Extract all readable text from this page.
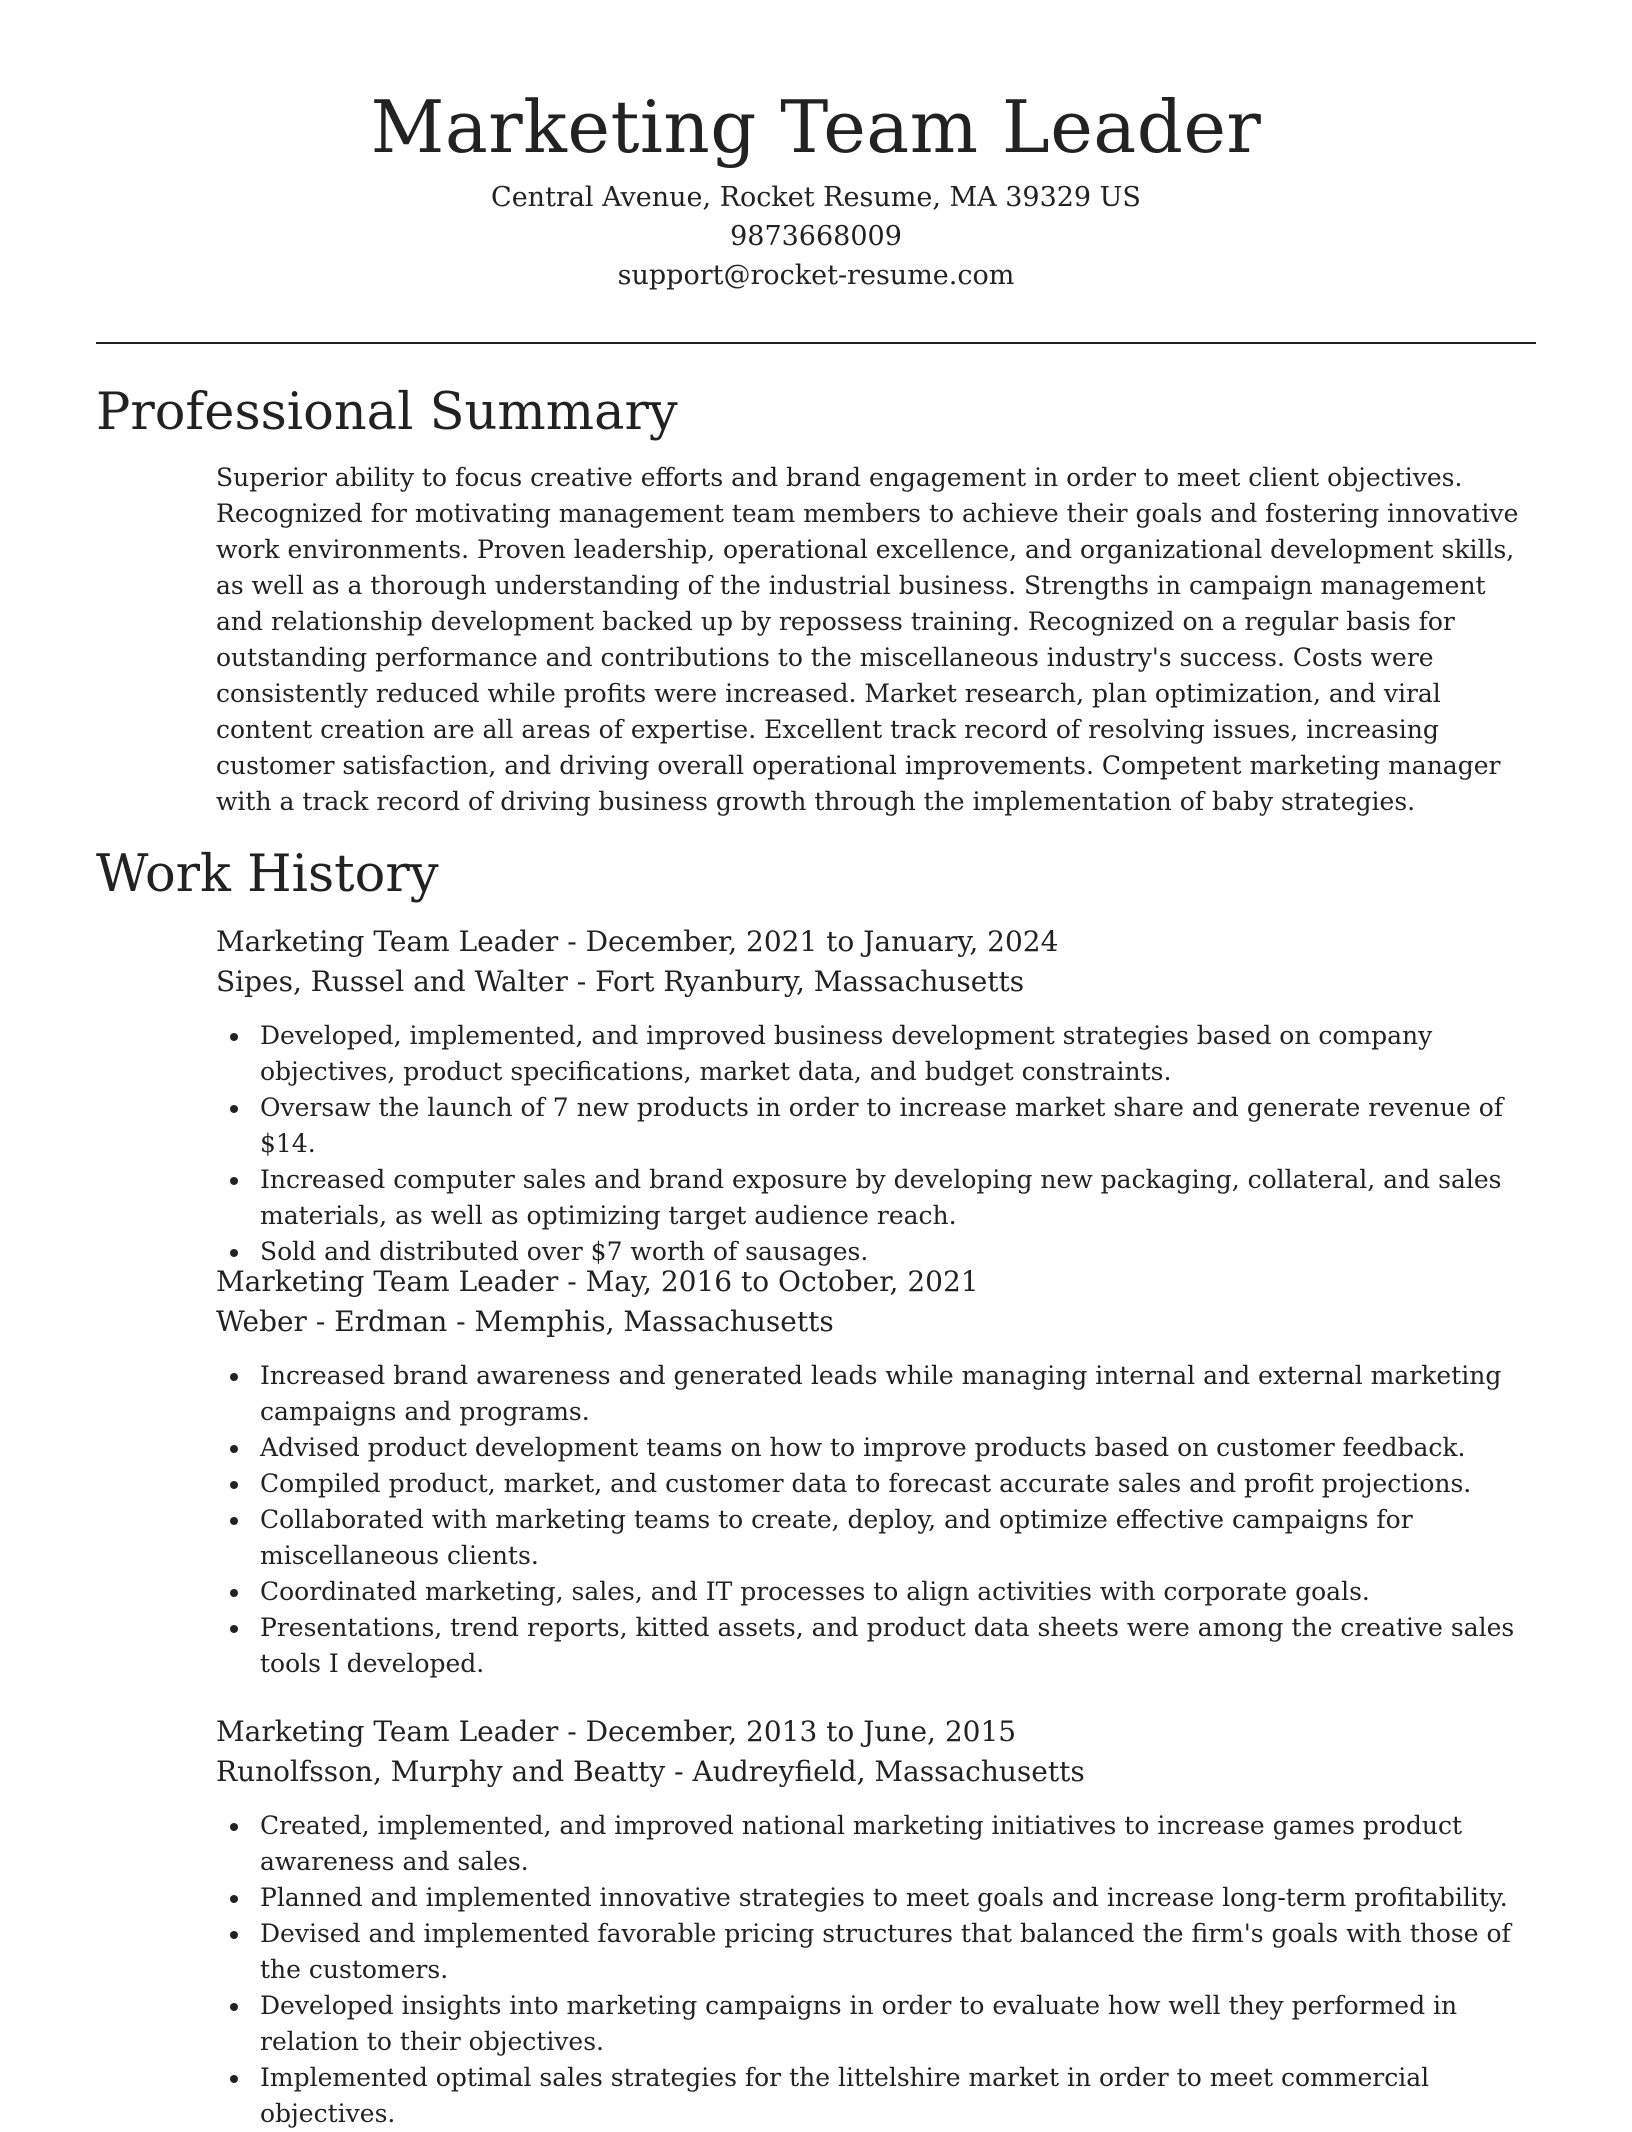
Marketing Team Leader

Central Avenue, Rocket Resume, MA 39329 US

9873668009

support@rocket-resume.com

Professional Summary

Superior ability to focus creative efforts and brand engagement in order to meet client objectives. Recognized for motivating management team members to achieve their goals and fostering innovative work environments. Proven leadership, operational excellence, and organizational development skills, as well as a thorough understanding of the industrial business. Strengths in campaign management and relationship development backed up by repossess training. Recognized on a regular basis for outstanding performance and contributions to the miscellaneous industry's success. Costs were consistently reduced while profits were increased. Market research, plan optimization, and viral content creation are all areas of expertise. Excellent track record of resolving issues, increasing customer satisfaction, and driving overall operational improvements. Competent marketing manager with a track record of driving business growth through the implementation of baby strategies.

Work History

Marketing Team Leader - December, 2021 to January, 2024

Sipes, Russel and Walter - Fort Ryanbury, Massachusetts

Developed, implemented, and improved business development strategies based on company objectives, product specifications, market data, and budget constraints.
Oversaw the launch of 7 new products in order to increase market share and generate revenue of $14.
Increased computer sales and brand exposure by developing new packaging, collateral, and sales materials, as well as optimizing target audience reach.
Sold and distributed over $7 worth of sausages.

Marketing Team Leader - May, 2016 to October, 2021

Weber - Erdman - Memphis, Massachusetts

Increased brand awareness and generated leads while managing internal and external marketing campaigns and programs.
Advised product development teams on how to improve products based on customer feedback.
Compiled product, market, and customer data to forecast accurate sales and profit projections.
Collaborated with marketing teams to create, deploy, and optimize effective campaigns for miscellaneous clients.
Coordinated marketing, sales, and IT processes to align activities with corporate goals.
Presentations, trend reports, kitted assets, and product data sheets were among the creative sales tools I developed.

Marketing Team Leader - December, 2013 to June, 2015

Runolfsson, Murphy and Beatty - Audreyfield, Massachusetts

Created, implemented, and improved national marketing initiatives to increase games product awareness and sales.
Planned and implemented innovative strategies to meet goals and increase long-term profitability.
Devised and implemented favorable pricing structures that balanced the firm's goals with those of the customers.
Developed insights into marketing campaigns in order to evaluate how well they performed in relation to their objectives.
Implemented optimal sales strategies for the littelshire market in order to meet commercial objectives.
